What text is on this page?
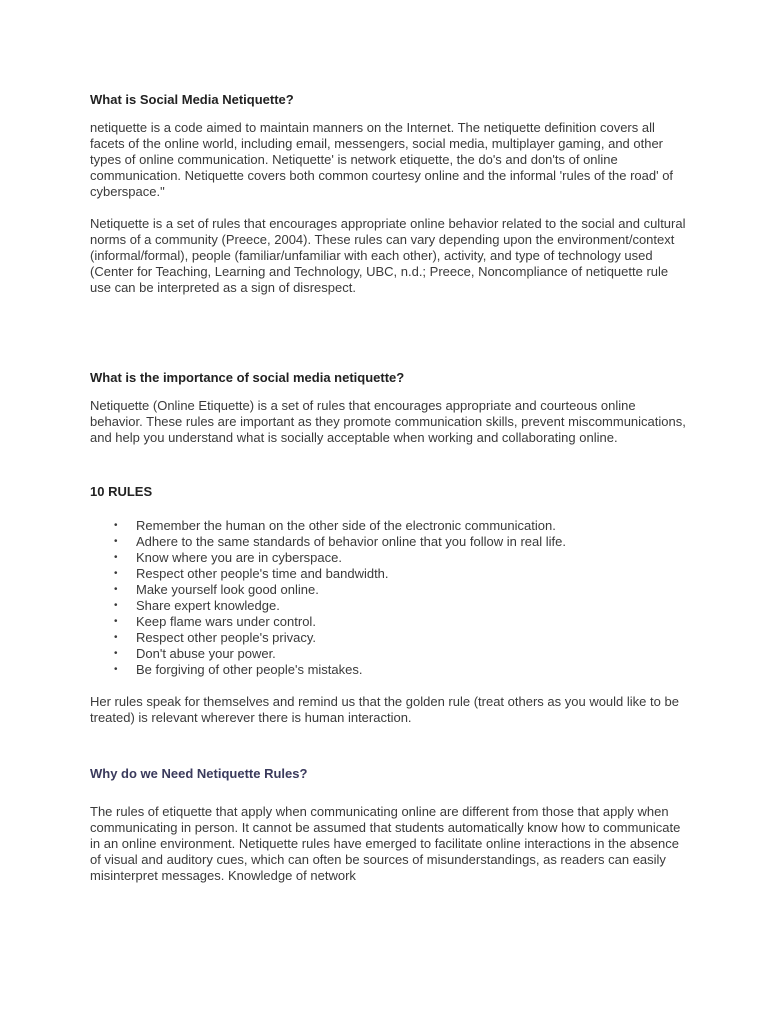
What is Social Media Netiquette?

netiquette is a code aimed to maintain manners on the Internet. The netiquette definition covers all facets of the online world, including email, messengers, social media, multiplayer gaming, and other types of online communication. Netiquette' is network etiquette, the do's and don'ts of online communication. Netiquette covers both common courtesy online and the informal 'rules of the road' of cyberspace."

Netiquette is a set of rules that encourages appropriate online behavior related to the social and cultural norms of a community (Preece, 2004). These rules can vary depending upon the environment/context (informal/formal), people (familiar/unfamiliar with each other), activity, and type of technology used (Center for Teaching, Learning and Technology, UBC, n.d.; Preece, Noncompliance of netiquette rule use can be interpreted as a sign of disrespect.

What is the importance of social media netiquette?

Netiquette (Online Etiquette) is a set of rules that encourages appropriate and courteous online behavior. These rules are important as they promote communication skills, prevent miscommunications, and help you understand what is socially acceptable when working and collaborating online.

10 RULES
• Remember the human on the other side of the electronic communication.
• Adhere to the same standards of behavior online that you follow in real life.
• Know where you are in cyberspace.
• Respect other people's time and bandwidth.
• Make yourself look good online.
• Share expert knowledge.
• Keep flame wars under control.
• Respect other people's privacy.
• Don't abuse your power.
• Be forgiving of other people's mistakes.

Her rules speak for themselves and remind us that the golden rule (treat others as you would like to be treated) is relevant wherever there is human interaction.

Why do we Need Netiquette Rules?

The rules of etiquette that apply when communicating online are different from those that apply when communicating in person. It cannot be assumed that students automatically know how to communicate in an online environment. Netiquette rules have emerged to facilitate online interactions in the absence of visual and auditory cues, which can often be sources of misunderstandings, as readers can easily misinterpret messages. Knowledge of network
